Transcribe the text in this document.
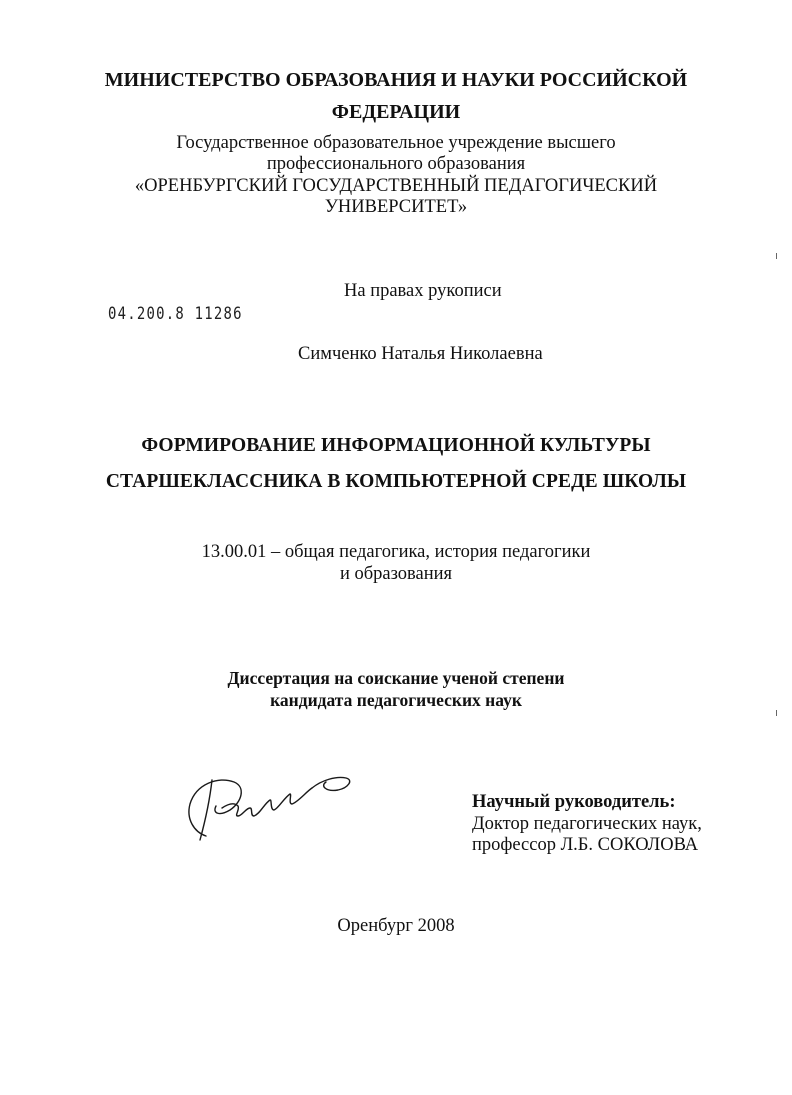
МИНИСТЕРСТВО ОБРАЗОВАНИЯ И НАУКИ РОССИЙСКОЙ
ФЕДЕРАЦИИ
Государственное образовательное учреждение высшего
профессионального образования
«ОРЕНБУРГСКИЙ ГОСУДАРСТВЕННЫЙ ПЕДАГОГИЧЕСКИЙ
УНИВЕРСИТЕТ»
На правах рукописи
04.200.8 11286
Симченко Наталья Николаевна
ФОРМИРОВАНИЕ ИНФОРМАЦИОННОЙ КУЛЬТУРЫ
СТАРШЕКЛАССНИКА В КОМПЬЮТЕРНОЙ СРЕДЕ ШКОЛЫ
13.00.01 – общая педагогика, история педагогики
и образования
Диссертация на соискание ученой степени
кандидата педагогических наук
Научный руководитель:
Доктор педагогических наук,
профессор Л.Б. СОКОЛОВА
Оренбург 2008
